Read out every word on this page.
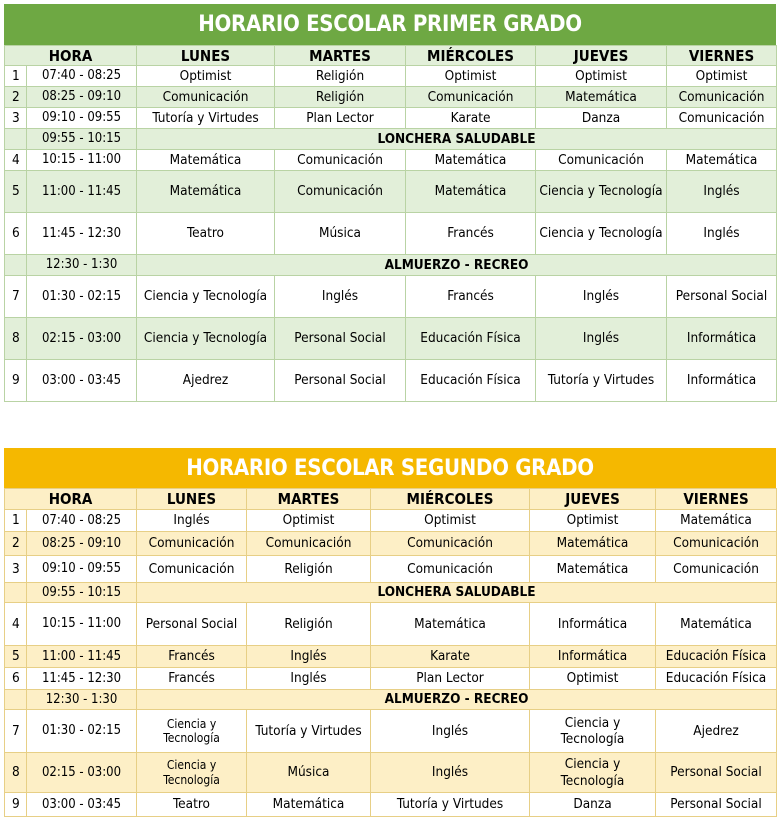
HORARIO ESCOLAR PRIMER GRADO
HORA		LUNES	MARTES	MIÉRCOLES	JUEVES	VIERNES
1	07:40 - 08:25	Optimist	Religión	Optimist	Optimist	Optimist
2	08:25 - 09:10	Comunicación	Religión	Comunicación	Matemática	Comunicación
3	09:10 - 09:55	Tutoría y Virtudes	Plan Lector	Karate	Danza	Comunicación
	09:55 - 10:15	LONCHERA SALUDABLE				
4	10:15 - 11:00	Matemática	Comunicación	Matemática	Comunicación	Matemática
5	11:00 - 11:45	Matemática	Comunicación	Matemática	Ciencia y Tecnología	Inglés
6	11:45 - 12:30	Teatro	Música	Francés	Ciencia y Tecnología	Inglés
	12:30 - 1:30	ALMUERZO - RECREO				
7	01:30 - 02:15	Ciencia y Tecnología	Inglés	Francés	Inglés	Personal Social
8	02:15 - 03:00	Ciencia y Tecnología	Personal Social	Educación Física	Inglés	Informática
9	03:00 - 03:45	Ajedrez	Personal Social	Educación Física	Tutoría y Virtudes	Informática
HORARIO ESCOLAR SEGUNDO GRADO
HORA		LUNES	MARTES	MIÉRCOLES	JUEVES	VIERNES
1	07:40 - 08:25	Inglés	Optimist	Optimist	Optimist	Matemática
2	08:25 - 09:10	Comunicación	Comunicación	Comunicación	Matemática	Comunicación
3	09:10 - 09:55	Comunicación	Religión	Comunicación	Matemática	Comunicación
	09:55 - 10:15	LONCHERA SALUDABLE				
4	10:15 - 11:00	Personal Social	Religión	Matemática	Informática	Matemática
5	11:00 - 11:45	Francés	Inglés	Karate	Informática	Educación Física
6	11:45 - 12:30	Francés	Inglés	Plan Lector	Optimist	Educación Física
	12:30 - 1:30	ALMUERZO - RECREO				
7	01:30 - 02:15	Ciencia y Tecnología	Tutoría y Virtudes	Inglés	Ciencia y Tecnología	Ajedrez
8	02:15 - 03:00	Ciencia y Tecnología	Música	Inglés	Ciencia y Tecnología	Personal Social
9	03:00 - 03:45	Teatro	Matemática	Tutoría y Virtudes	Danza	Personal Social
